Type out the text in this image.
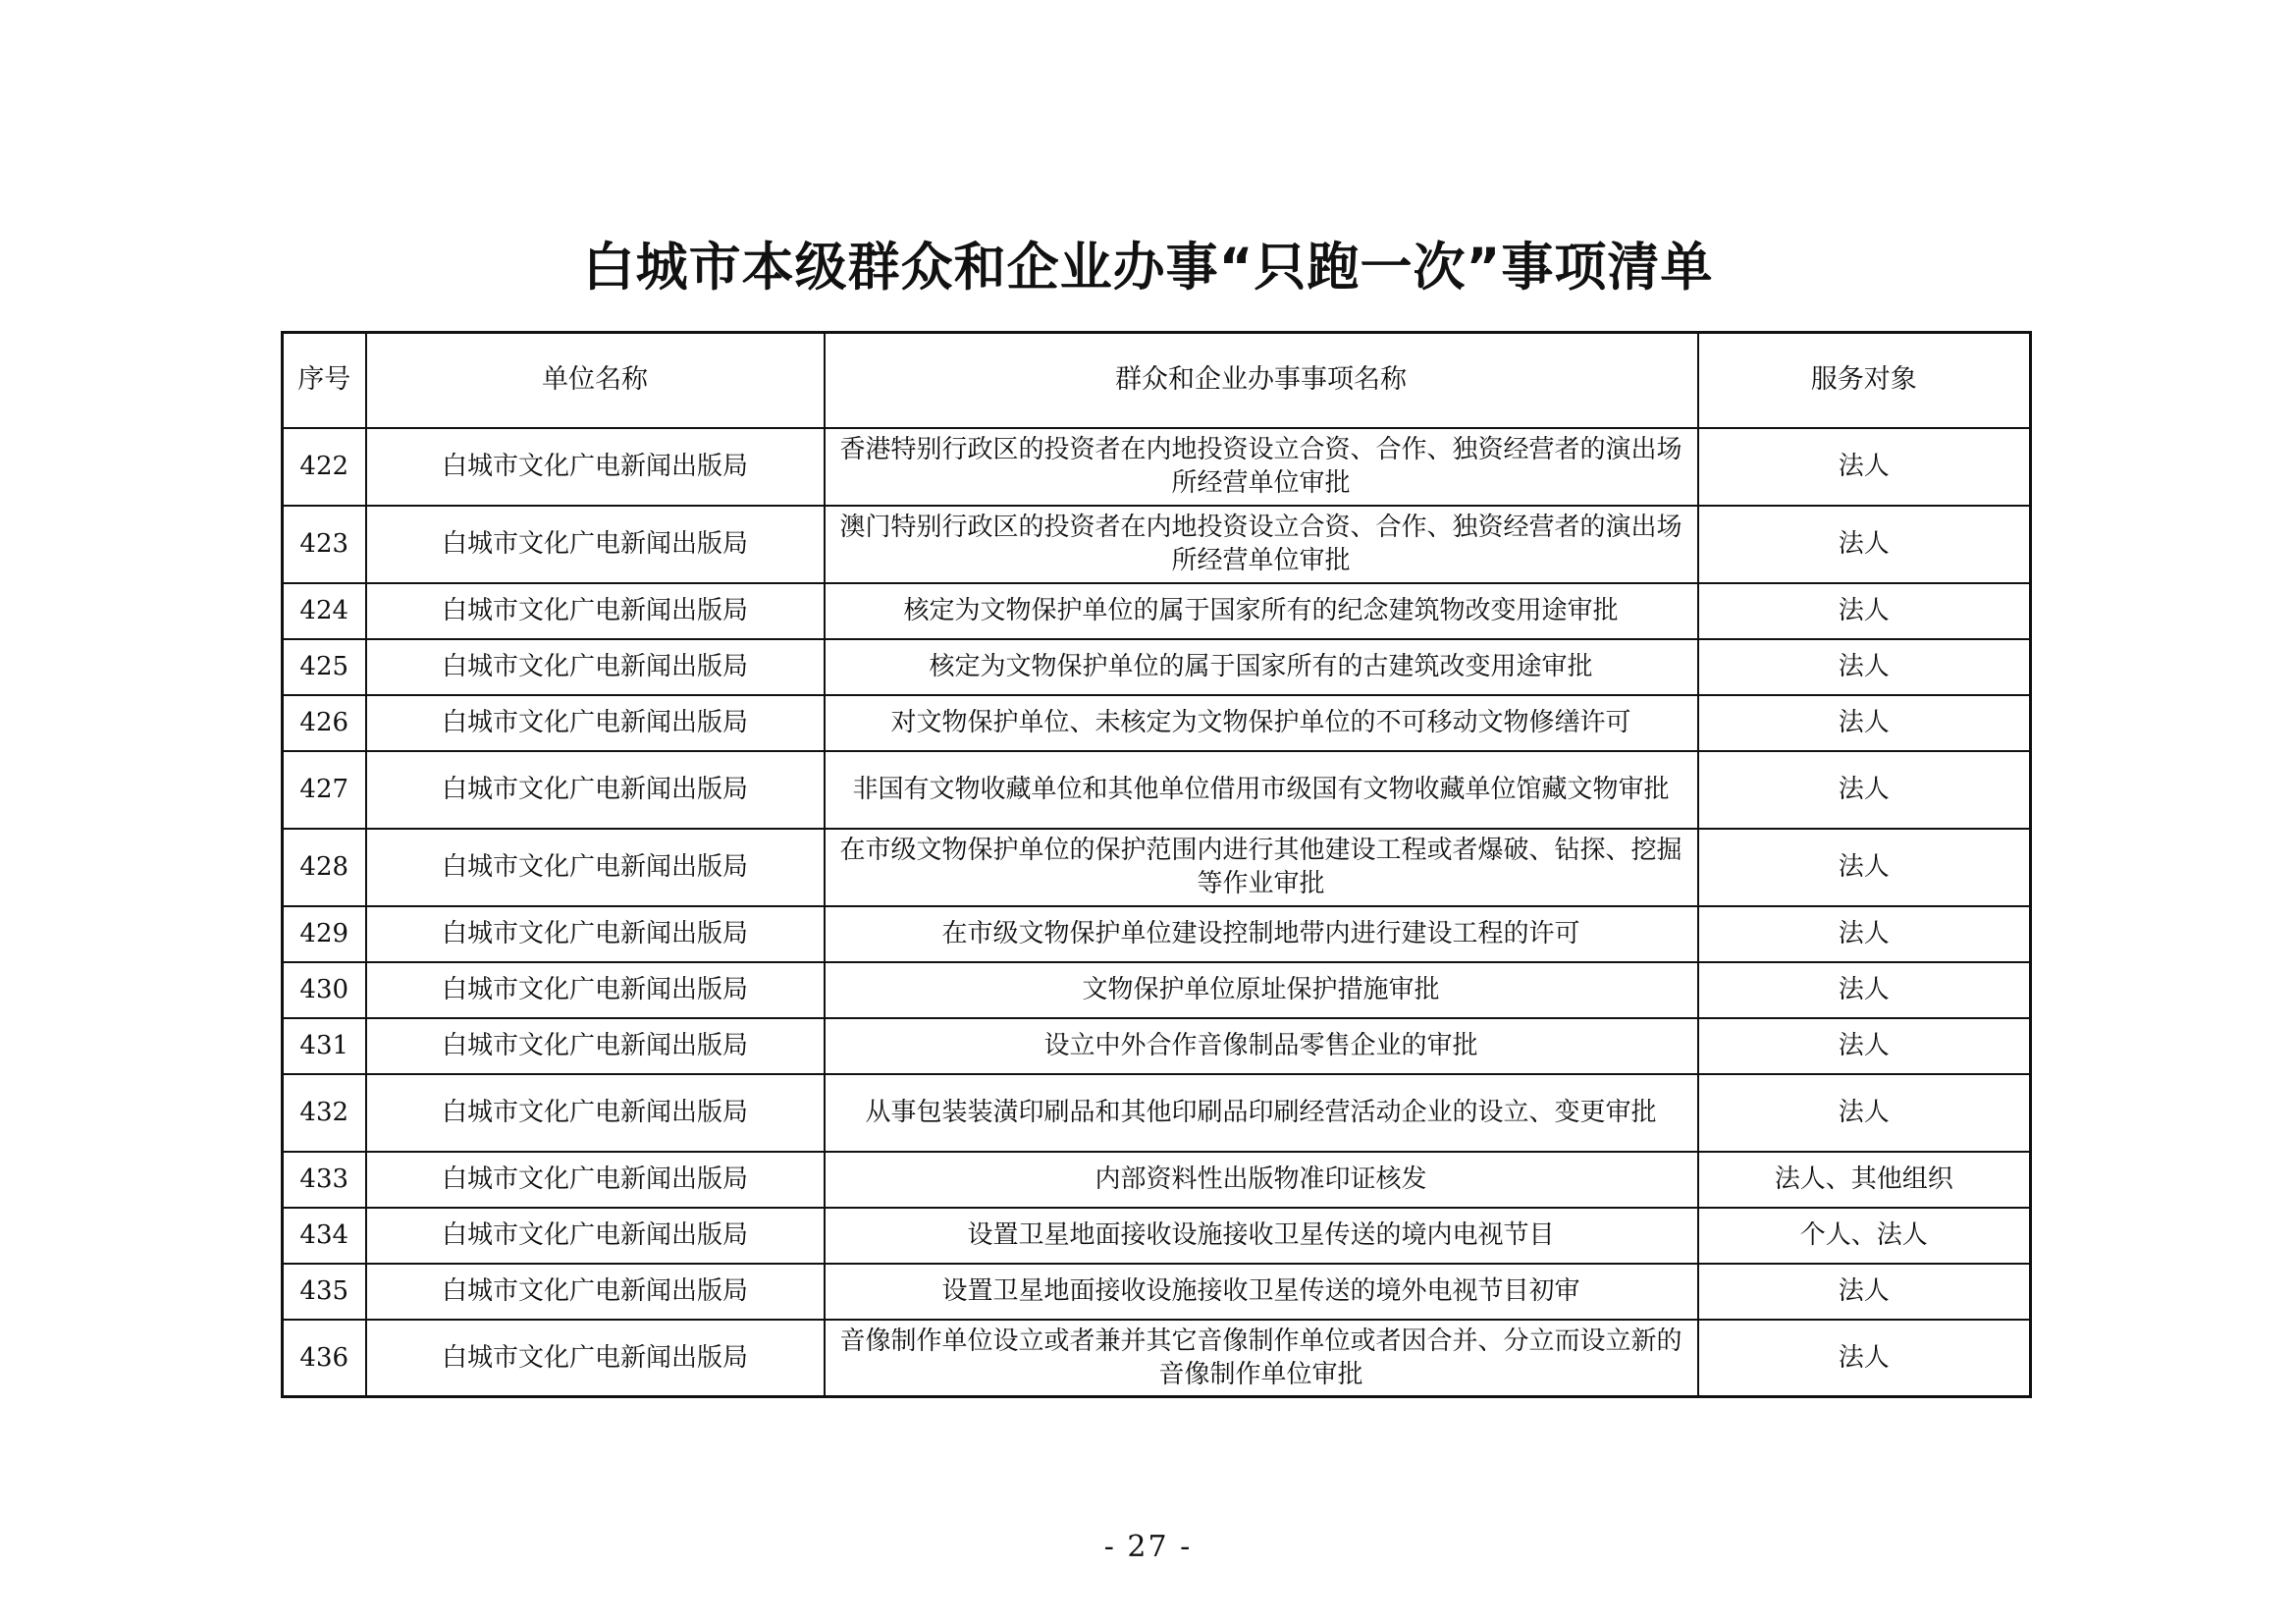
白城市本级群众和企业办事“只跑一次”事项清单
序号	单位名称	群众和企业办事事项名称	服务对象
422	白城市文化广电新闻出版局	香港特别行政区的投资者在内地投资设立合资、合作、独资经营者的演出场所经营单位审批	法人
423	白城市文化广电新闻出版局	澳门特别行政区的投资者在内地投资设立合资、合作、独资经营者的演出场所经营单位审批	法人
424	白城市文化广电新闻出版局	核定为文物保护单位的属于国家所有的纪念建筑物改变用途审批	法人
425	白城市文化广电新闻出版局	核定为文物保护单位的属于国家所有的古建筑改变用途审批	法人
426	白城市文化广电新闻出版局	对文物保护单位、未核定为文物保护单位的不可移动文物修缮许可	法人
427	白城市文化广电新闻出版局	非国有文物收藏单位和其他单位借用市级国有文物收藏单位馆藏文物审批	法人
428	白城市文化广电新闻出版局	在市级文物保护单位的保护范围内进行其他建设工程或者爆破、钻探、挖掘等作业审批	法人
429	白城市文化广电新闻出版局	在市级文物保护单位建设控制地带内进行建设工程的许可	法人
430	白城市文化广电新闻出版局	文物保护单位原址保护措施审批	法人
431	白城市文化广电新闻出版局	设立中外合作音像制品零售企业的审批	法人
432	白城市文化广电新闻出版局	从事包装装潢印刷品和其他印刷品印刷经营活动企业的设立、变更审批	法人
433	白城市文化广电新闻出版局	内部资料性出版物准印证核发	法人、其他组织
434	白城市文化广电新闻出版局	设置卫星地面接收设施接收卫星传送的境内电视节目	个人、法人
435	白城市文化广电新闻出版局	设置卫星地面接收设施接收卫星传送的境外电视节目初审	法人
436	白城市文化广电新闻出版局	音像制作单位设立或者兼并其它音像制作单位或者因合并、分立而设立新的音像制作单位审批	法人
- 27 -
